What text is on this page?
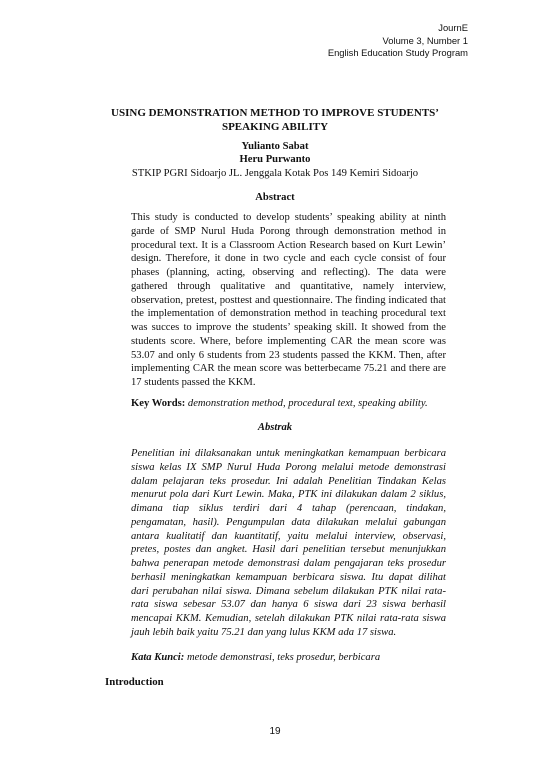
JournE
Volume 3, Number 1
English Education Study Program
USING DEMONSTRATION METHOD TO IMPROVE STUDENTS’
SPEAKING ABILITY
Yulianto Sabat
Heru Purwanto
STKIP PGRI Sidoarjo JL. Jenggala Kotak Pos 149 Kemiri Sidoarjo
Abstract
This study is conducted to develop students’ speaking ability at ninth garde of SMP Nurul Huda Porong through demonstration method in procedural text. It is a Classroom Action Research based on Kurt Lewin’ design. Therefore, it done in two cycle and each cycle consist of four phases (planning, acting, observing and reflecting). The data were gathered through qualitative and quantitative, namely interview, observation, pretest, posttest and questionnaire. The finding indicated that the implementation of demonstration method in teaching procedural text was succes to improve the students’ speaking skill. It showed from the students score. Where, before implementing CAR the mean score was 53.07 and only 6 students from 23 students passed the KKM. Then, after implementing CAR the mean score was betterbecame 75.21 and there are 17 students passed the KKM.
Key Words: demonstration method, procedural text, speaking ability.
Abstrak
Penelitian ini dilaksanakan untuk meningkatkan kemampuan berbicara siswa kelas IX SMP Nurul Huda Porong melalui metode demonstrasi dalam pelajaran teks prosedur. Ini adalah Penelitian Tindakan Kelas menurut pola dari Kurt Lewin. Maka, PTK ini dilakukan dalam 2 siklus, dimana tiap siklus terdiri dari 4 tahap (perencaan, tindakan, pengamatan, hasil). Pengumpulan data dilakukan melalui gabungan antara kualitatif dan kuantitatif, yaitu melalui interview, observasi, pretes, postes dan angket. Hasil dari penelitian tersebut menunjukkan bahwa penerapan metode demonstrasi dalam pengajaran teks prosedur berhasil meningkatkan kemampuan berbicara siswa. Itu dapat dilihat dari perubahan nilai siswa. Dimana sebelum dilakukan PTK nilai rata-rata siswa sebesar 53.07 dan hanya 6 siswa dari 23 siswa berhasil mencapai KKM. Kemudian, setelah dilakukan PTK nilai rata-rata siswa jauh lebih baik yaitu 75.21 dan yang lulus KKM ada 17 siswa.
Kata Kunci: metode demonstrasi, teks prosedur, berbicara
Introduction
19
